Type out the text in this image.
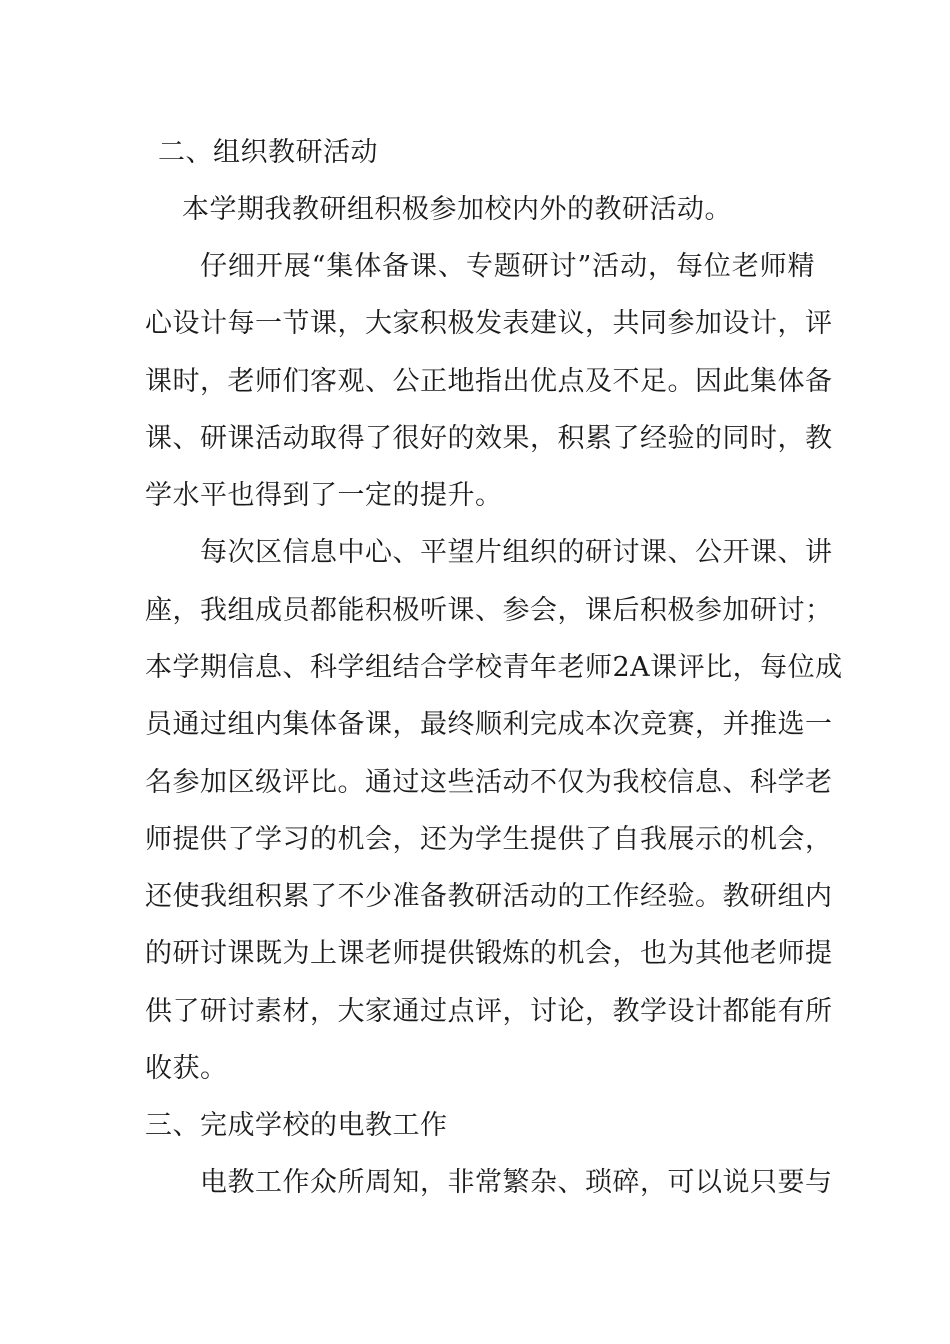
二、组织教研活动
本学期我教研组积极参加校内外的教研活动。
仔细开展“集体备课、专题研讨”活动，每位老师精
心设计每一节课，大家积极发表建议，共同参加设计，评
课时，老师们客观、公正地指出优点及不足。因此集体备
课、研课活动取得了很好的效果，积累了经验的同时，教
学水平也得到了一定的提升。
每次区信息中心、平望片组织的研讨课、公开课、讲
座，我组成员都能积极听课、参会，课后积极参加研讨；
本学期信息、科学组结合学校青年老师2A课评比，每位成
员通过组内集体备课，最终顺利完成本次竞赛，并推选一
名参加区级评比。通过这些活动不仅为我校信息、科学老
师提供了学习的机会，还为学生提供了自我展示的机会，
还使我组积累了不少准备教研活动的工作经验。教研组内
的研讨课既为上课老师提供锻炼的机会，也为其他老师提
供了研讨素材，大家通过点评，讨论，教学设计都能有所
收获。
三、完成学校的电教工作
电教工作众所周知，非常繁杂、琐碎，可以说只要与
